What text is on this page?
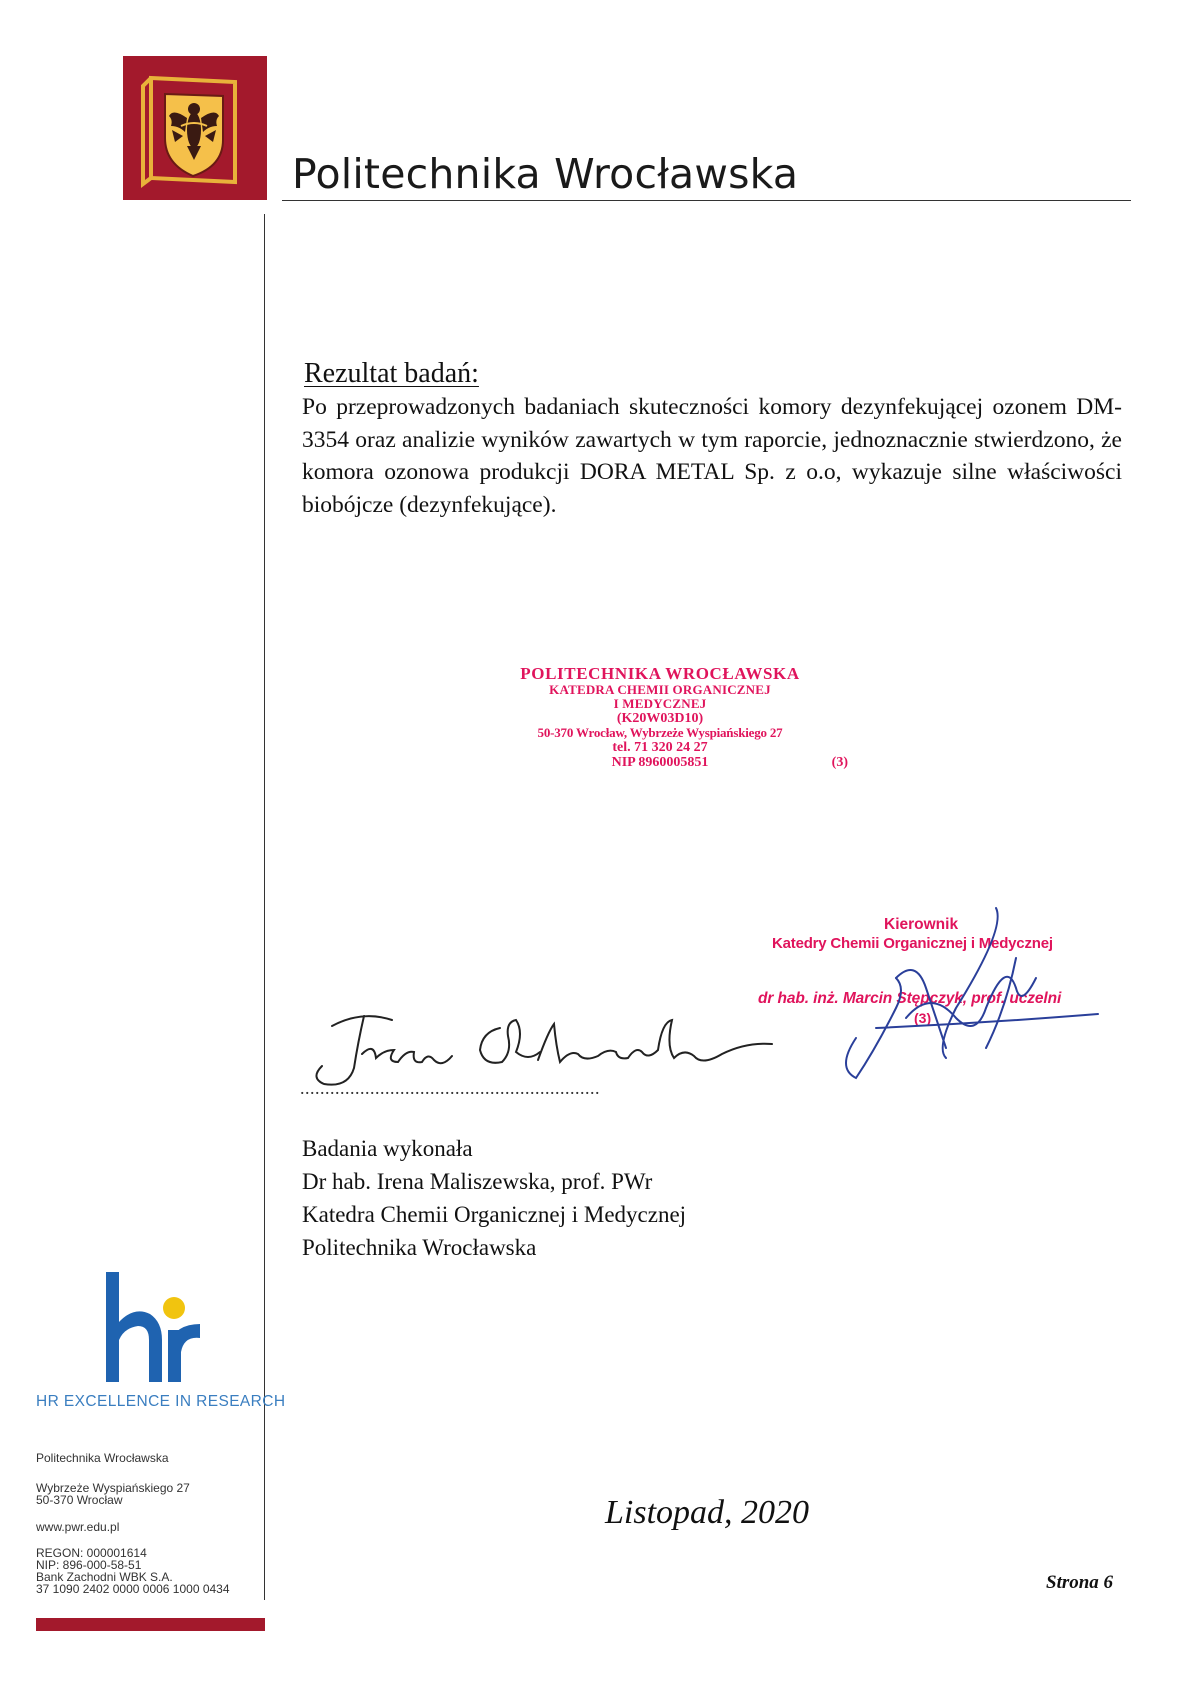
Politechnika Wrocławska
Rezultat badań:
Po przeprowadzonych badaniach skuteczności komory dezynfekującej ozonem DM-3354 oraz analizie wyników zawartych w tym raporcie, jednoznacznie stwierdzono, że komora ozonowa produkcji DORA METAL Sp. z o.o, wykazuje silne właściwości biobójcze (dezynfekujące).
POLITECHNIKA WROCŁAWSKA
KATEDRA CHEMII ORGANICZNEJ
I MEDYCZNEJ
(K20W03D10)
50-370 Wrocław, Wybrzeże Wyspiańskiego 27
tel. 71 320 24 27
NIP 8960005851	(3)
Kierownik
Katedry Chemii Organicznej i Medycznej
dr hab. inż. Marcin Stępczyk, prof. uczelni
(3)
............................................................
Badania wykonała
Dr hab. Irena Maliszewska, prof. PWr
Katedra Chemii Organicznej i Medycznej
Politechnika Wrocławska
HR EXCELLENCE IN RESEARCH
Politechnika Wrocławska
Wybrzeże Wyspiańskiego 27
50-370 Wrocław
www.pwr.edu.pl
REGON: 000001614
NIP: 896-000-58-51
Bank Zachodni WBK S.A.
37 1090 2402 0000 0006 1000 0434
Listopad, 2020
Strona 6
